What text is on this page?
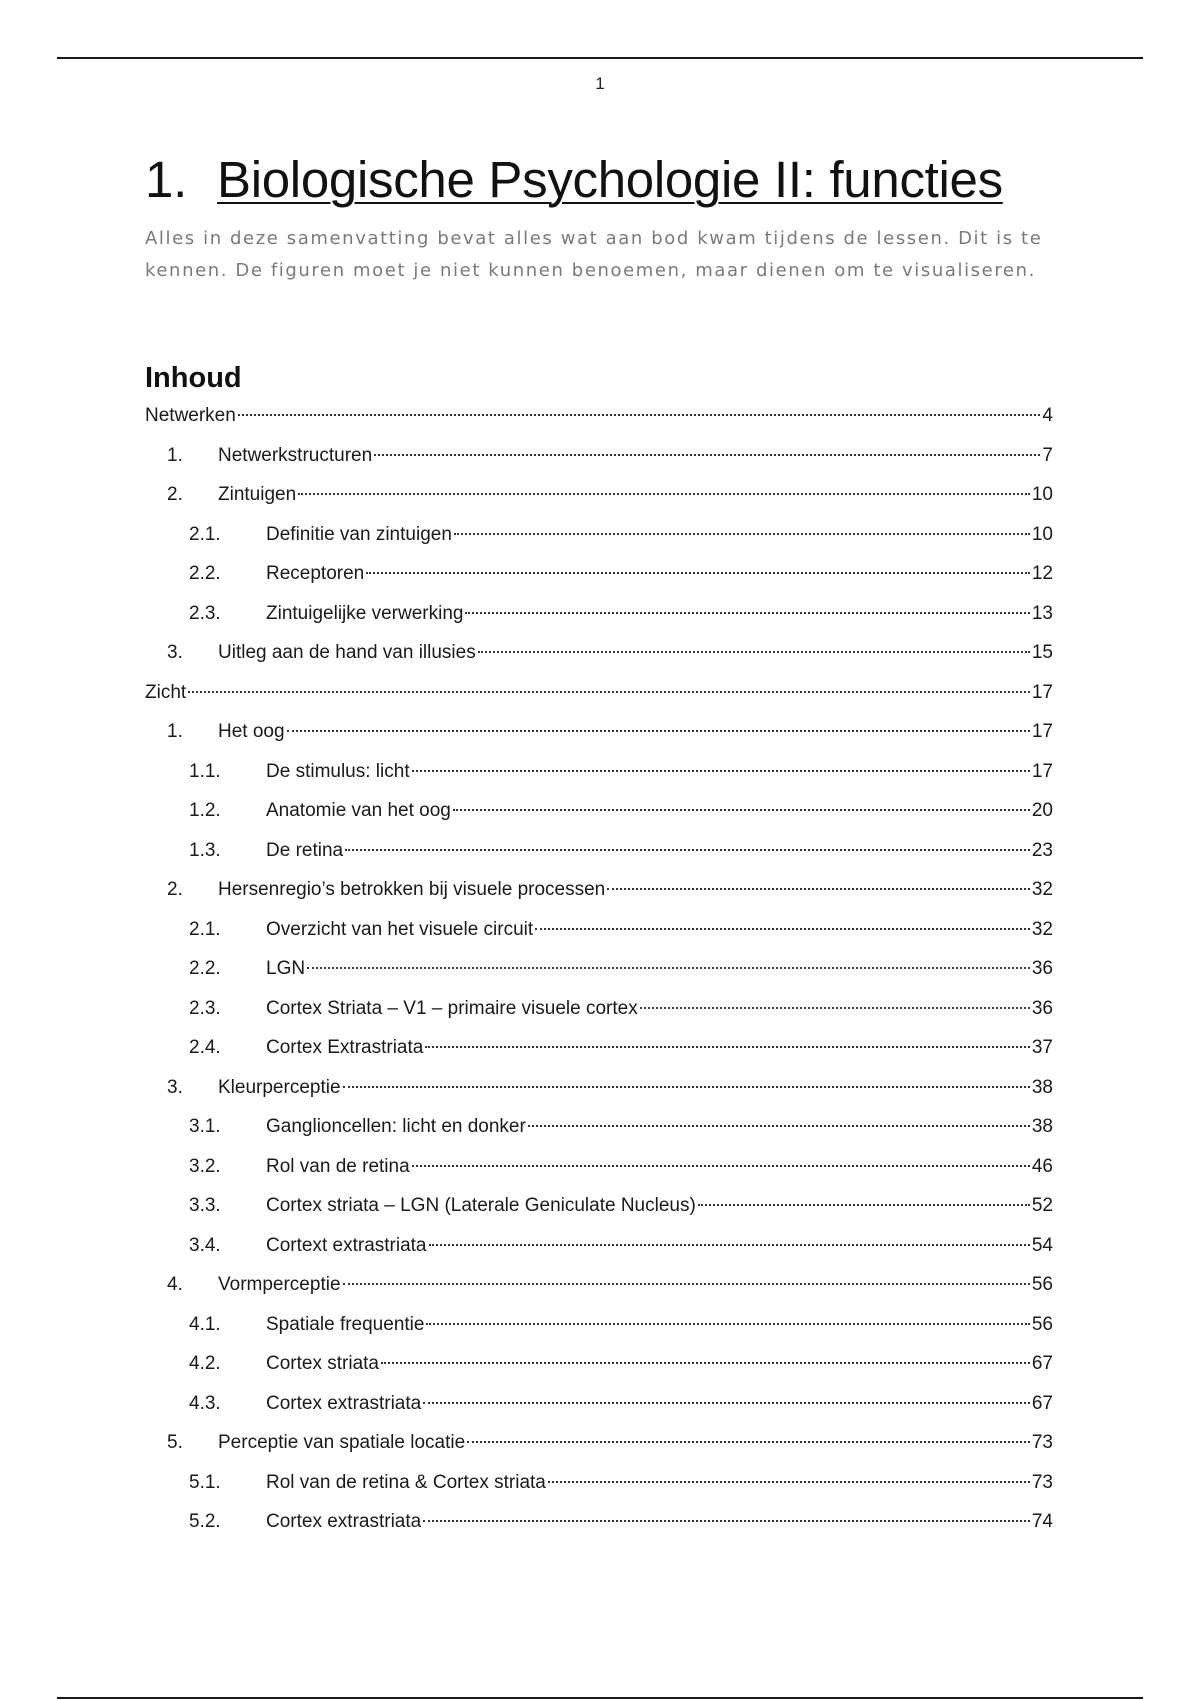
1
1. Biologische Psychologie II: functies

Alles in deze samenvatting bevat alles wat aan bod kwam tijdens de lessen. Dit is te kennen. De figuren moet je niet kunnen benoemen, maar dienen om te visualiseren.

Inhoud
Netwerken	4
1.	Netwerkstructuren	7
2.	Zintuigen	10
2.1.	Definitie van zintuigen	10
2.2.	Receptoren	12
2.3.	Zintuigelijke verwerking	13
3.	Uitleg aan de hand van illusies	15
Zicht	17
1.	Het oog	17
1.1.	De stimulus: licht	17
1.2.	Anatomie van het oog	20
1.3.	De retina	23
2.	Hersenregio’s betrokken bij visuele processen	32
2.1.	Overzicht van het visuele circuit	32
2.2.	LGN	36
2.3.	Cortex Striata – V1 – primaire visuele cortex	36
2.4.	Cortex Extrastriata	37
3.	Kleurperceptie	38
3.1.	Ganglioncellen: licht en donker	38
3.2.	Rol van de retina	46
3.3.	Cortex striata – LGN (Laterale Geniculate Nucleus)	52
3.4.	Cortext extrastriata	54
4.	Vormperceptie	56
4.1.	Spatiale frequentie	56
4.2.	Cortex striata	67
4.3.	Cortex extrastriata	67
5.	Perceptie van spatiale locatie	73
5.1.	Rol van de retina & Cortex striata	73
5.2.	Cortex extrastriata	74
